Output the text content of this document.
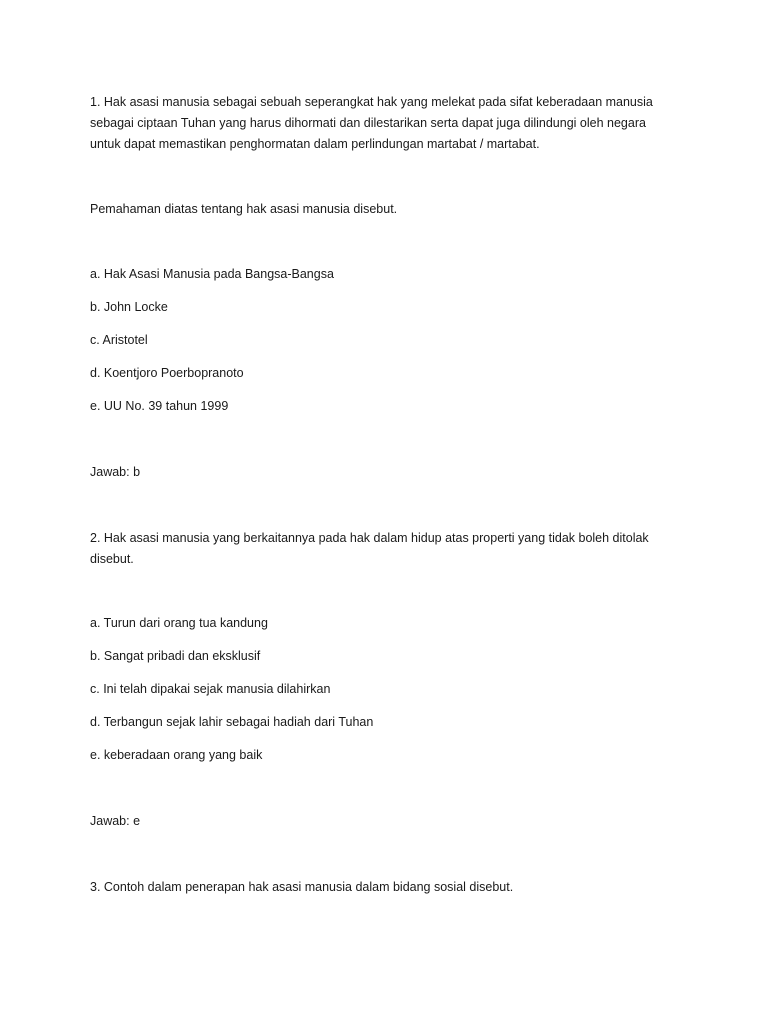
1. Hak asasi manusia sebagai sebuah seperangkat hak yang melekat pada sifat keberadaan manusia
sebagai ciptaan Tuhan yang harus dihormati dan dilestarikan serta dapat juga dilindungi oleh negara
untuk dapat memastikan penghormatan dalam perlindungan martabat / martabat.
Pemahaman diatas tentang hak asasi manusia disebut.
a. Hak Asasi Manusia pada Bangsa-Bangsa
b. John Locke
c. Aristotel
d. Koentjoro Poerbopranoto
e. UU No. 39 tahun 1999
Jawab: b
2. Hak asasi manusia yang berkaitannya pada hak dalam hidup atas properti yang tidak boleh ditolak
disebut.
a. Turun dari orang tua kandung
b. Sangat pribadi dan eksklusif
c. Ini telah dipakai sejak manusia dilahirkan
d. Terbangun sejak lahir sebagai hadiah dari Tuhan
e. keberadaan orang yang baik
Jawab: e
3. Contoh dalam penerapan hak asasi manusia dalam bidang sosial disebut.
